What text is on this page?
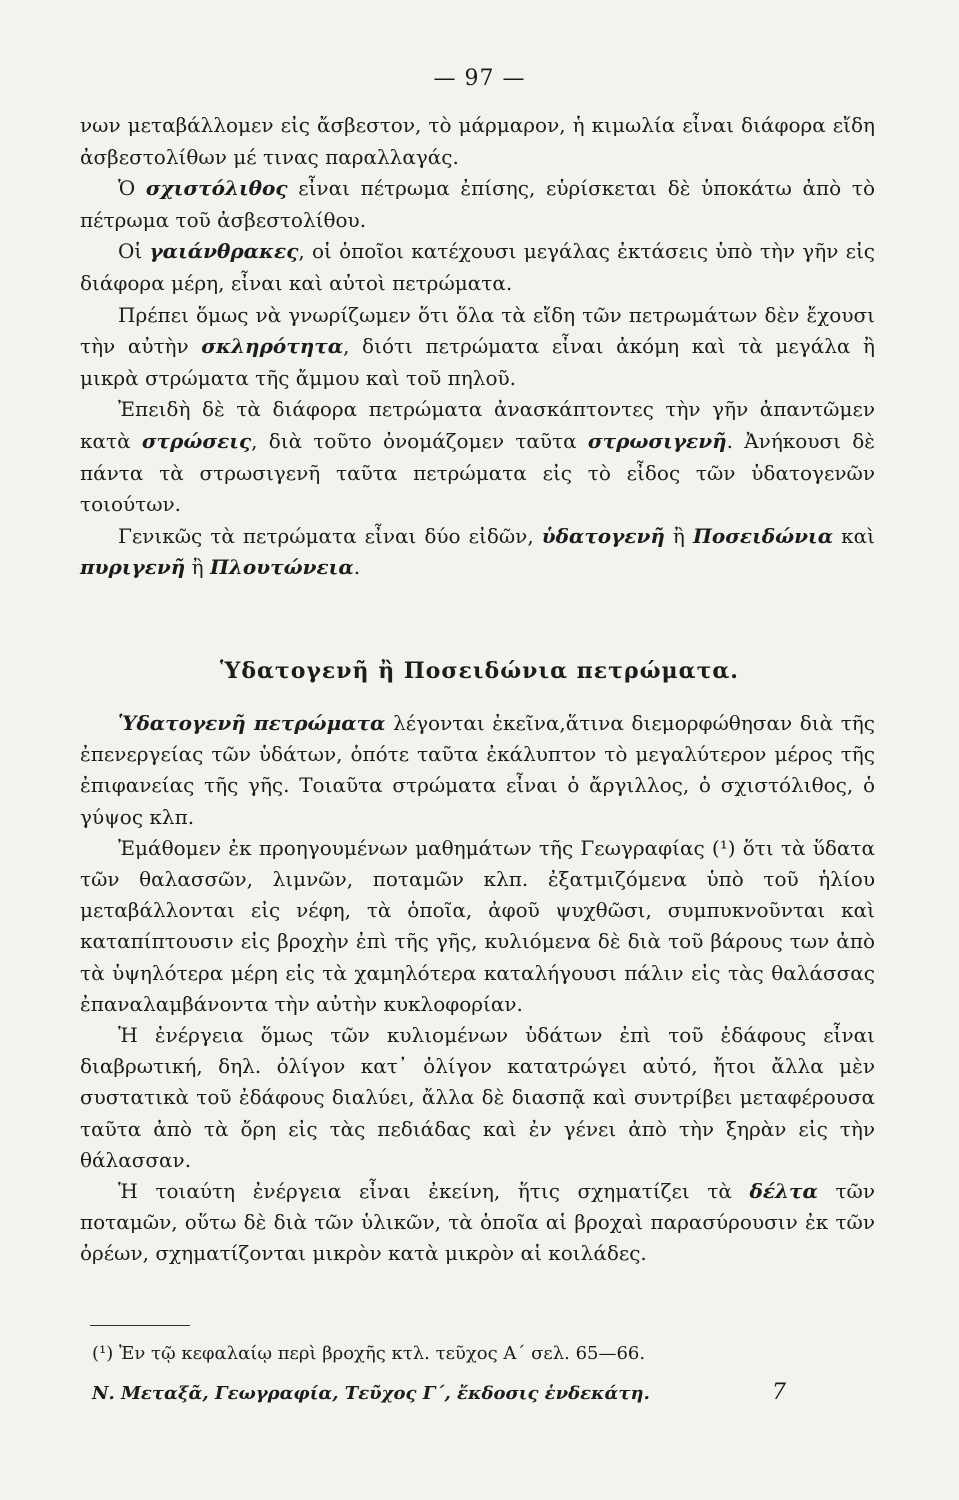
— 97 —

νων μεταβάλλομεν εἰς ἄσβεστον, τὸ μάρμαρον, ἡ κιμωλία εἶναι διάφορα εἴδη ἀσβεστολίθων μέ τινας παραλλαγάς.

Ὁ σχιστόλιθος εἶναι πέτρωμα ἐπίσης, εὑρίσκεται δὲ ὑποκάτω ἀπὸ τὸ πέτρωμα τοῦ ἀσβεστολίθου.

Οἱ γαιάνθρακες, οἱ ὁποῖοι κατέχουσι μεγάλας ἐκτάσεις ὑπὸ τὴν γῆν εἰς διάφορα μέρη, εἶναι καὶ αὐτοὶ πετρώματα.

Πρέπει ὅμως νὰ γνωρίζωμεν ὅτι ὅλα τὰ εἴδη τῶν πετρωμάτων δὲν ἔχουσι τὴν αὐτὴν σκληρότητα, διότι πετρώματα εἶναι ἀκόμη καὶ τὰ μεγάλα ἢ μικρὰ στρώματα τῆς ἄμμου καὶ τοῦ πηλοῦ.

Ἐπειδὴ δὲ τὰ διάφορα πετρώματα ἀνασκάπτοντες τὴν γῆν ἀπαντῶμεν κατὰ στρώσεις, διὰ τοῦτο ὀνομάζομεν ταῦτα στρωσιγενῆ. Ἀνήκουσι δὲ πάντα τὰ στρωσιγενῆ ταῦτα πετρώματα εἰς τὸ εἶδος τῶν ὑδατογενῶν τοιούτων.

Γενικῶς τὰ πετρώματα εἶναι δύο εἰδῶν, ὑδατογενῆ ἢ Ποσειδώνια καὶ πυριγενῆ ἢ Πλουτώνεια.

Ὑδατογενῆ ἢ Ποσειδώνια πετρώματα.

Ὑδατογενῆ πετρώματα λέγονται ἐκεῖνα,ἅτινα διεμορφώθησαν διὰ τῆς ἐπενεργείας τῶν ὑδάτων, ὁπότε ταῦτα ἐκάλυπτον τὸ μεγαλύτερον μέρος τῆς ἐπιφανείας τῆς γῆς. Τοιαῦτα στρώματα εἶναι ὁ ἄργιλλος, ὁ σχιστόλιθος, ὁ γύψος κλπ.

Ἐμάθομεν ἐκ προηγουμένων μαθημάτων τῆς Γεωγραφίας (¹) ὅτι τὰ ὕδατα τῶν θαλασσῶν, λιμνῶν, ποταμῶν κλπ. ἐξατμιζόμενα ὑπὸ τοῦ ἡλίου μεταβάλλονται εἰς νέφη, τὰ ὁποῖα, ἀφοῦ ψυχθῶσι, συμπυκνοῦνται καὶ καταπίπτουσιν εἰς βροχὴν ἐπὶ τῆς γῆς, κυλιόμενα δὲ διὰ τοῦ βάρους των ἀπὸ τὰ ὑψηλότερα μέρη εἰς τὰ χαμηλότερα καταλήγουσι πάλιν εἰς τὰς θαλάσσας ἐπαναλαμβάνοντα τὴν αὐτὴν κυκλοφορίαν.

Ἡ ἐνέργεια ὅμως τῶν κυλιομένων ὑδάτων ἐπὶ τοῦ ἐδάφους εἶναι διαβρωτική, δηλ. ὀλίγον κατ᾿ ὀλίγον κατατρώγει αὐτό, ἤτοι ἄλλα μὲν συστατικὰ τοῦ ἐδάφους διαλύει, ἄλλα δὲ διασπᾷ καὶ συντρίβει μεταφέρουσα ταῦτα ἀπὸ τὰ ὄρη εἰς τὰς πεδιάδας καὶ ἐν γένει ἀπὸ τὴν ξηρὰν εἰς τὴν θάλασσαν.

Ἡ τοιαύτη ἐνέργεια εἶναι ἐκείνη, ἥτις σχηματίζει τὰ δέλτα τῶν ποταμῶν, οὕτω δὲ διὰ τῶν ὑλικῶν, τὰ ὁποῖα αἱ βροχαὶ παρασύρουσιν ἐκ τῶν ὀρέων, σχηματίζονται μικρὸν κατὰ μικρὸν αἱ κοιλάδες.

(¹) Ἐν τῷ κεφαλαίῳ περὶ βροχῆς κτλ. τεῦχος Α΄ σελ. 65—66.
Ν. Μεταξᾶ, Γεωγραφία, Τεῦχος Γ΄, ἔκδοσις ἑνδεκάτη.	7
